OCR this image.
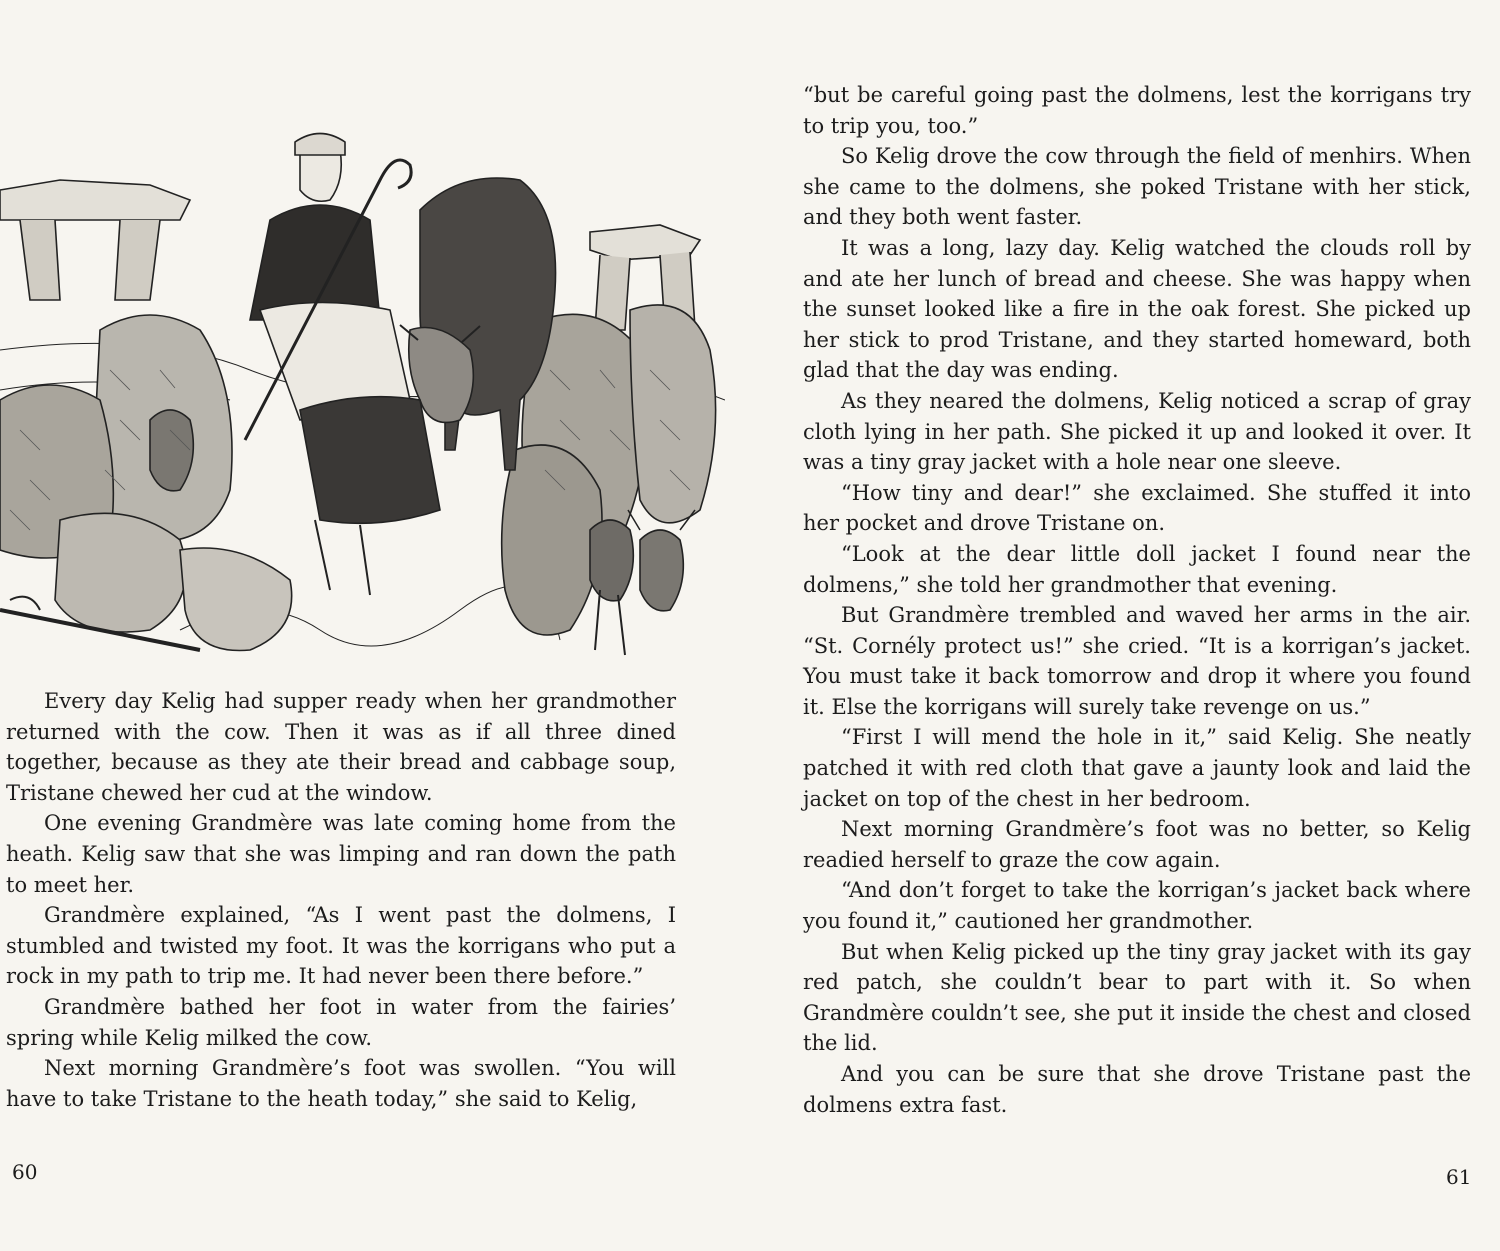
Every day Kelig had supper ready when her grandmother returned with the cow. Then it was as if all three dined together, because as they ate their bread and cabbage soup, Tristane chewed her cud at the window.

One evening Grandmère was late coming home from the heath. Kelig saw that she was limping and ran down the path to meet her.

Grandmère explained, “As I went past the dolmens, I stumbled and twisted my foot. It was the korrigans who put a rock in my path to trip me. It had never been there before.”

Grandmère bathed her foot in water from the fairies’ spring while Kelig milked the cow.

Next morning Grandmère’s foot was swollen. “You will have to take Tristane to the heath today,” she said to Kelig,

60

“but be careful going past the dolmens, lest the korrigans try to trip you, too.”

So Kelig drove the cow through the field of menhirs. When she came to the dolmens, she poked Tristane with her stick, and they both went faster.

It was a long, lazy day. Kelig watched the clouds roll by and ate her lunch of bread and cheese. She was happy when the sunset looked like a fire in the oak forest. She picked up her stick to prod Tristane, and they started homeward, both glad that the day was ending.

As they neared the dolmens, Kelig noticed a scrap of gray cloth lying in her path. She picked it up and looked it over. It was a tiny gray jacket with a hole near one sleeve.

“How tiny and dear!” she exclaimed. She stuffed it into her pocket and drove Tristane on.

“Look at the dear little doll jacket I found near the dolmens,” she told her grandmother that evening.

But Grandmère trembled and waved her arms in the air. “St. Cornély protect us!” she cried. “It is a korrigan’s jacket. You must take it back tomorrow and drop it where you found it. Else the korrigans will surely take revenge on us.”

“First I will mend the hole in it,” said Kelig. She neatly patched it with red cloth that gave a jaunty look and laid the jacket on top of the chest in her bedroom.

Next morning Grandmère’s foot was no better, so Kelig readied herself to graze the cow again.

“And don’t forget to take the korrigan’s jacket back where you found it,” cautioned her grandmother.

But when Kelig picked up the tiny gray jacket with its gay red patch, she couldn’t bear to part with it. So when Grandmère couldn’t see, she put it inside the chest and closed the lid.

And you can be sure that she drove Tristane past the dolmens extra fast.

61
